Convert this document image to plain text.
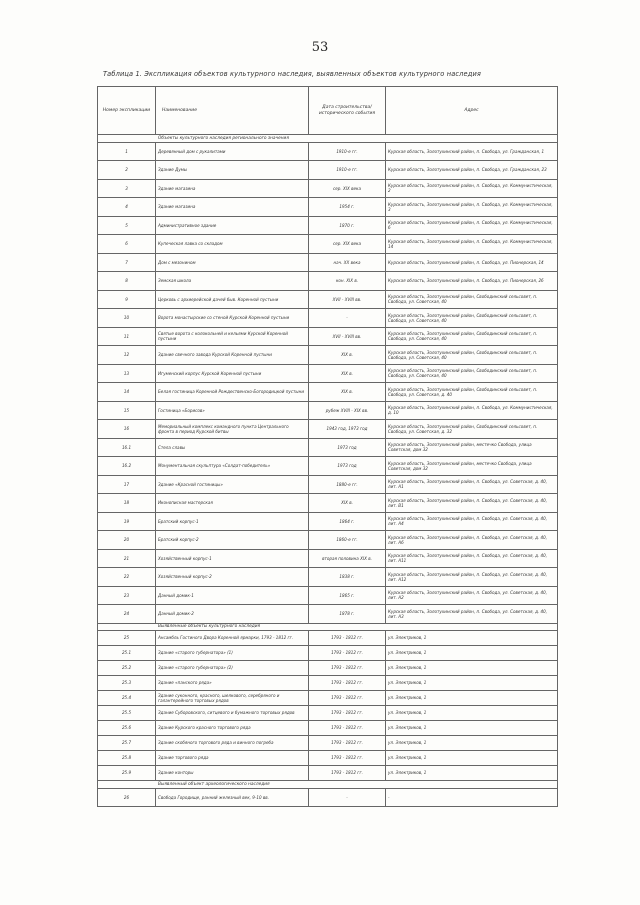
53
Таблица 1. Экспликация объектов культурного наследия, выявленных объектов культурного наследия
Номер экспликации	Наименование	Дата строительства/ исторического события	Адрес
Объекты культурного наследия регионального значения			
1	Деревянный дом с рукалитами	1910-е гг.	Курская область, Золотухинский район, п. Свобода, ул. Гражданская, 1
2	Здание Думы	1910-е гг.	Курская область, Золотухинский район, п. Свобода, ул. Гражданская, 23
3	Здание магазина	сер. XIX века	Курская область, Золотухинский район, п. Свобода, ул. Коммунистическая, 2
4	Здание магазина	1954 г.	Курская область, Золотухинский район, п. Свобода, ул. Коммунистическая, 3
5	Административное здание	1870 г.	Курская область, Золотухинский район, п. Свобода, ул. Коммунистическая, 6
6	Купеческая лавка со складом	сер. XIX века	Курская область, Золотухинский район, п. Свобода, ул. Коммунистическая, 14
7	Дом с мезонином	нач. XX века	Курская область, Золотухинский район, п. Свобода, ул. Пионерская, 14
8	Земская школа	кон. XIX в.	Курская область, Золотухинский район, п. Свобода, ул. Пионерская, 26
9	Церковь с архиерейской дачей быв. Коренной пустыни	XVII - XVIII вв.	Курская область, Золотухинский район, Свободинский сельсовет, п. Свобода, ул. Советская, 40
10	Ворота монастырские со стеной Курской Коренной пустыни	-	Курская область, Золотухинский район, Свободинский сельсовет, п. Свобода, ул. Советская, 40
11	Святые ворота с колокольней и кельями Курской Коренной пустыни	XVII - XVIII вв.	Курская область, Золотухинский район, Свободинский сельсовет, п. Свобода, ул. Советская, 40
12	Здание свечного завода Курской Коренной пустыни	XIX в.	Курская область, Золотухинский район, Свободинский сельсовет, п. Свобода, ул. Советская, 40
13	Игуменский корпус Курской Коренной пустыни	XIX в.	Курская область, Золотухинский район, Свободинский сельсовет, п. Свобода, ул. Советская, 40
14	Белая гостиница Коренной Рождественско-Богородицкой пустыни	XIX в.	Курская область, Золотухинский район, Свободинский сельсовет, п. Свобода, ул. Советская, д. 40
15	Гостиница «Борисов»	рубеж XVIII - XIX вв.	Курская область, Золотухинский район, п. Свобода, ул. Коммунистическая, д. 10
16	Мемориальный комплекс командного пункта Центрального фронта в период Курской битвы	1943 год, 1973 год	Курская область, Золотухинский район, Свободинский сельсовет, п. Свобода, ул. Советская, д. 32
16.1	Стела славы	1973 год	Курская область, Золотухинский район, местечко Свобода, улица Советская, дом 32
16.2	Монументальная скульптура «Солдат-победитель»	1973 год	Курская область, Золотухинский район, местечко Свобода, улица Советская, дом 32
17	Здание «Красной гостиницы»	1880-е гг.	Курская область, Золотухинский район, п. Свобода, ул. Советская, д. 40, лит. А1
18	Иконописная мастерская	XIX в.	Курская область, Золотухинский район, п. Свобода, ул. Советская, д. 40, лит. В1
19	Братский корпус-1	1864 г.	Курская область, Золотухинский район, п. Свобода, ул. Советская, д. 40, лит. А4
20	Братский корпус-2	1860-е гг.	Курская область, Золотухинский район, п. Свобода, ул. Советская, д. 40, лит. А6
21	Хозяйственный корпус-1	вторая половина XIX в.	Курская область, Золотухинский район, п. Свобода, ул. Советская, д. 40, лит. А11
22	Хозяйственный корпус-2	1838 г.	Курская область, Золотухинский район, п. Свобода, ул. Советская, д. 40, лит. А12
23	Данный домик-1	1865 г.	Курская область, Золотухинский район, п. Свобода, ул. Советская, д. 40, лит. А2
24	Данный домик-2	1878 г.	Курская область, Золотухинский район, п. Свобода, ул. Советская, д. 40, лит. А3
Выявленные объекты культурного наследия			
25	Ансамбль Гостиного Двора Коренной ярмарки, 1793 - 1812 гг.	1793 - 1812 гг.	ул. Электриков, 1
25.1	Здание «старого губернатора» (1)	1793 - 1812 гг.	ул. Электриков, 1
25.2	Здание «старого губернатора» (2)	1793 - 1812 гг.	ул. Электриков, 1
25.3	Здание «панского ряда»	1793 - 1812 гг.	ул. Электриков, 1
25.4	Здание суконного, красного, шелкового, серебряного и галантерейного торговых рядов	1793 - 1812 гг.	ул. Электриков, 1
25.5	Здание Суборовского, ситцевого и бумажного торговых рядов	1793 - 1812 гг.	ул. Электриков, 1
25.6	Здание Курского красного торгового ряда	1793 - 1812 гг.	ул. Электриков, 1
25.7	Здание скобяного торгового ряда и винного погреба	1793 - 1812 гг.	ул. Электриков, 1
25.8	Здание торгового ряда	1793 - 1812 гг.	ул. Электриков, 1
25.9	Здание конторы	1793 - 1812 гг.	ул. Электриков, 1
Выявленный объект археологического наследия			
26	Свобода Городище, ранний железный век, 9-10 вв.	-	-
